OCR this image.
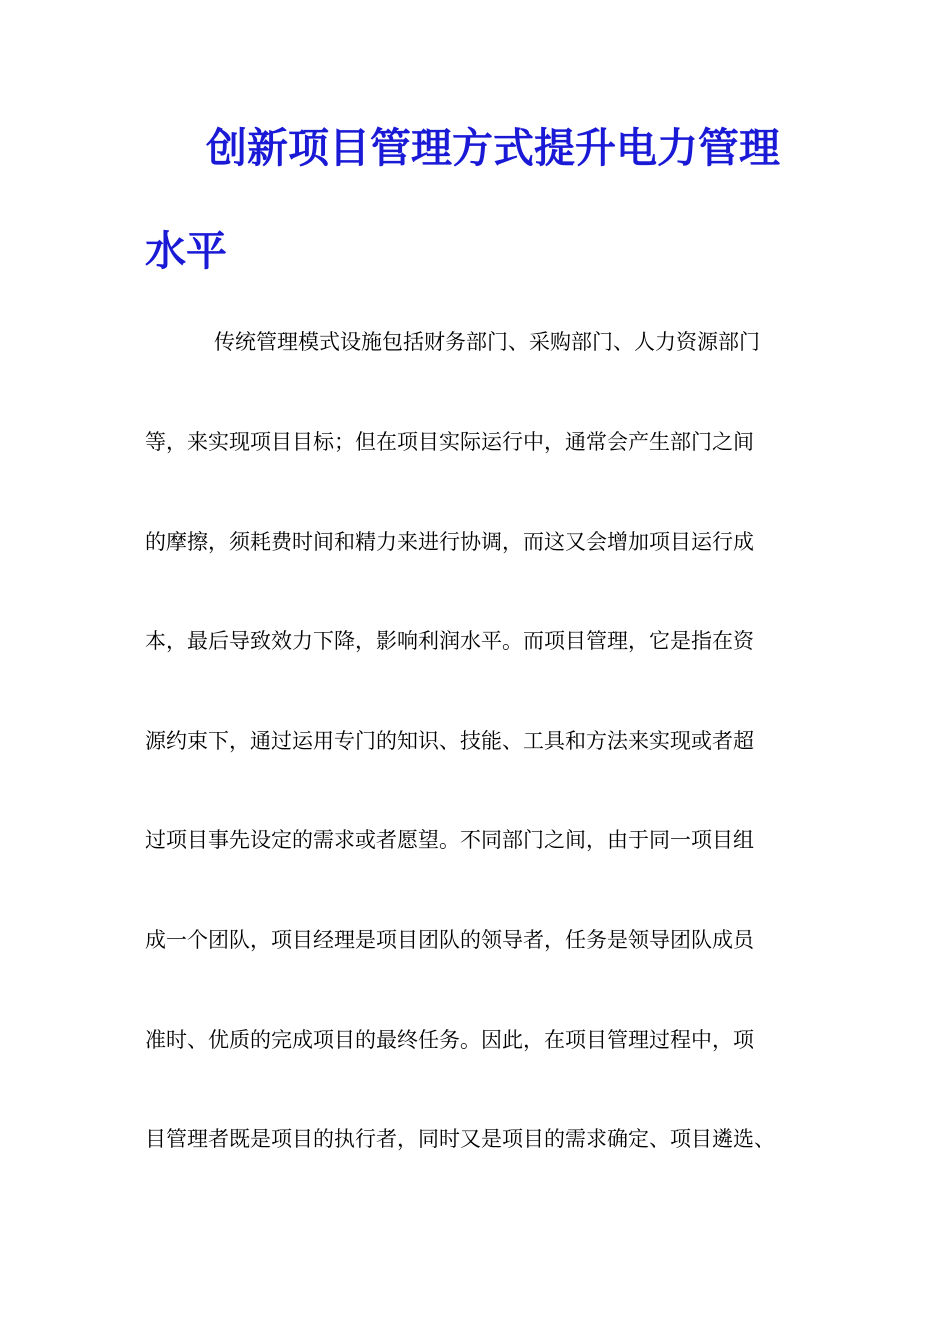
创新项目管理方式提升电力管理
水平

传统管理模式设施包括财务部门、采购部门、人力资源部门

等，来实现项目目标；但在项目实际运行中，通常会产生部门之间

的摩擦，须耗费时间和精力来进行协调，而这又会增加项目运行成

本，最后导致效力下降，影响利润水平。而项目管理，它是指在资

源约束下，通过运用专门的知识、技能、工具和方法来实现或者超

过项目事先设定的需求或者愿望。不同部门之间，由于同一项目组

成一个团队，项目经理是项目团队的领导者，任务是领导团队成员

准时、优质的完成项目的最终任务。因此，在项目管理过程中，项

目管理者既是项目的执行者，同时又是项目的需求确定、项目遴选、
